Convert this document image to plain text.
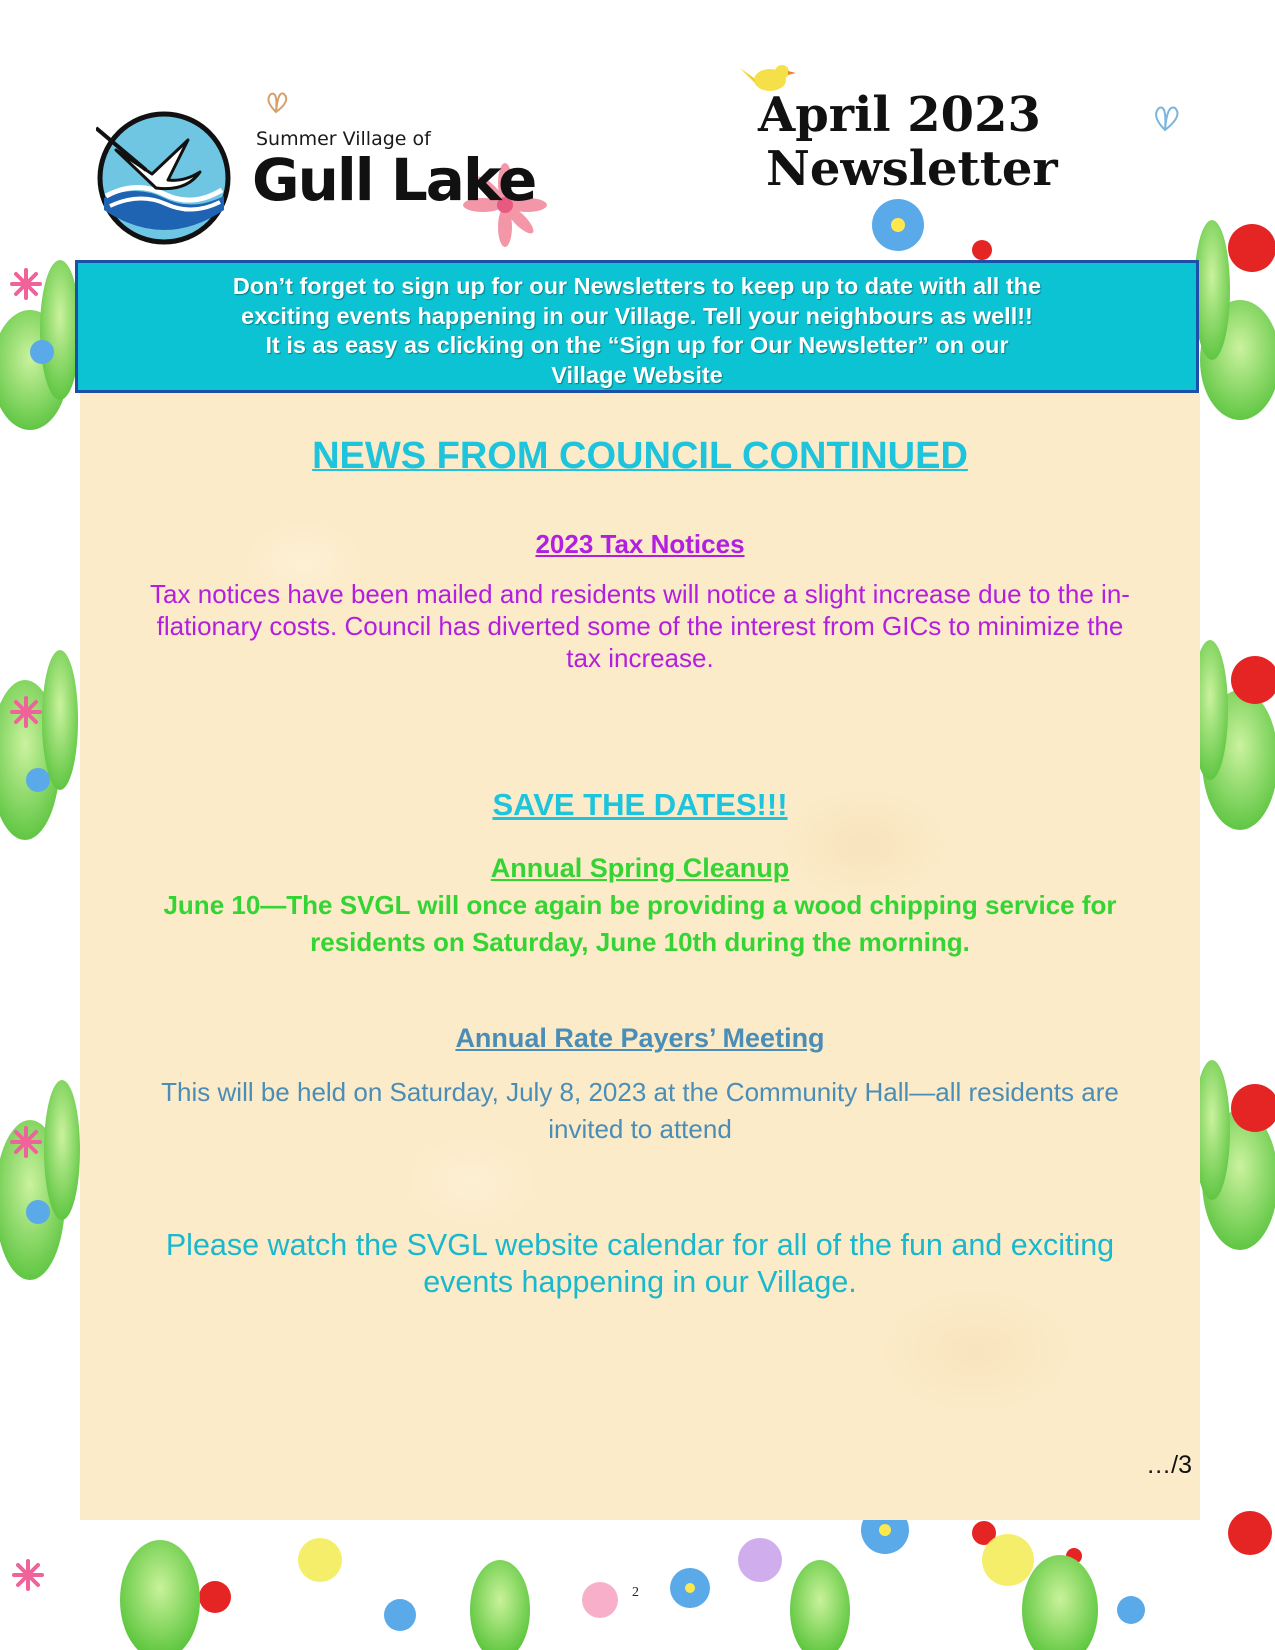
Summer Village of
Gull Lake
April 2023
Newsletter
Don’t forget to sign up for our Newsletters to keep up to date with all the
exciting events happening in our Village. Tell your neighbours as well!!
It is as easy as clicking on the “Sign up for Our Newsletter” on our
Village Website
NEWS FROM COUNCIL CONTINUED
2023 Tax Notices
Tax notices have been mailed and residents will notice a slight increase due to the in-
flationary costs. Council has diverted some of the interest from GICs to minimize the
tax increase.
SAVE THE DATES!!!
Annual Spring Cleanup
June 10—The SVGL will once again be providing a wood chipping service for
residents on Saturday, June 10th during the morning.
Annual Rate Payers’ Meeting
This will be held on Saturday, July 8, 2023 at the Community Hall—all residents are
invited to attend
Please watch the SVGL website calendar for all of the fun and exciting
events happening in our Village.
…/3
2
